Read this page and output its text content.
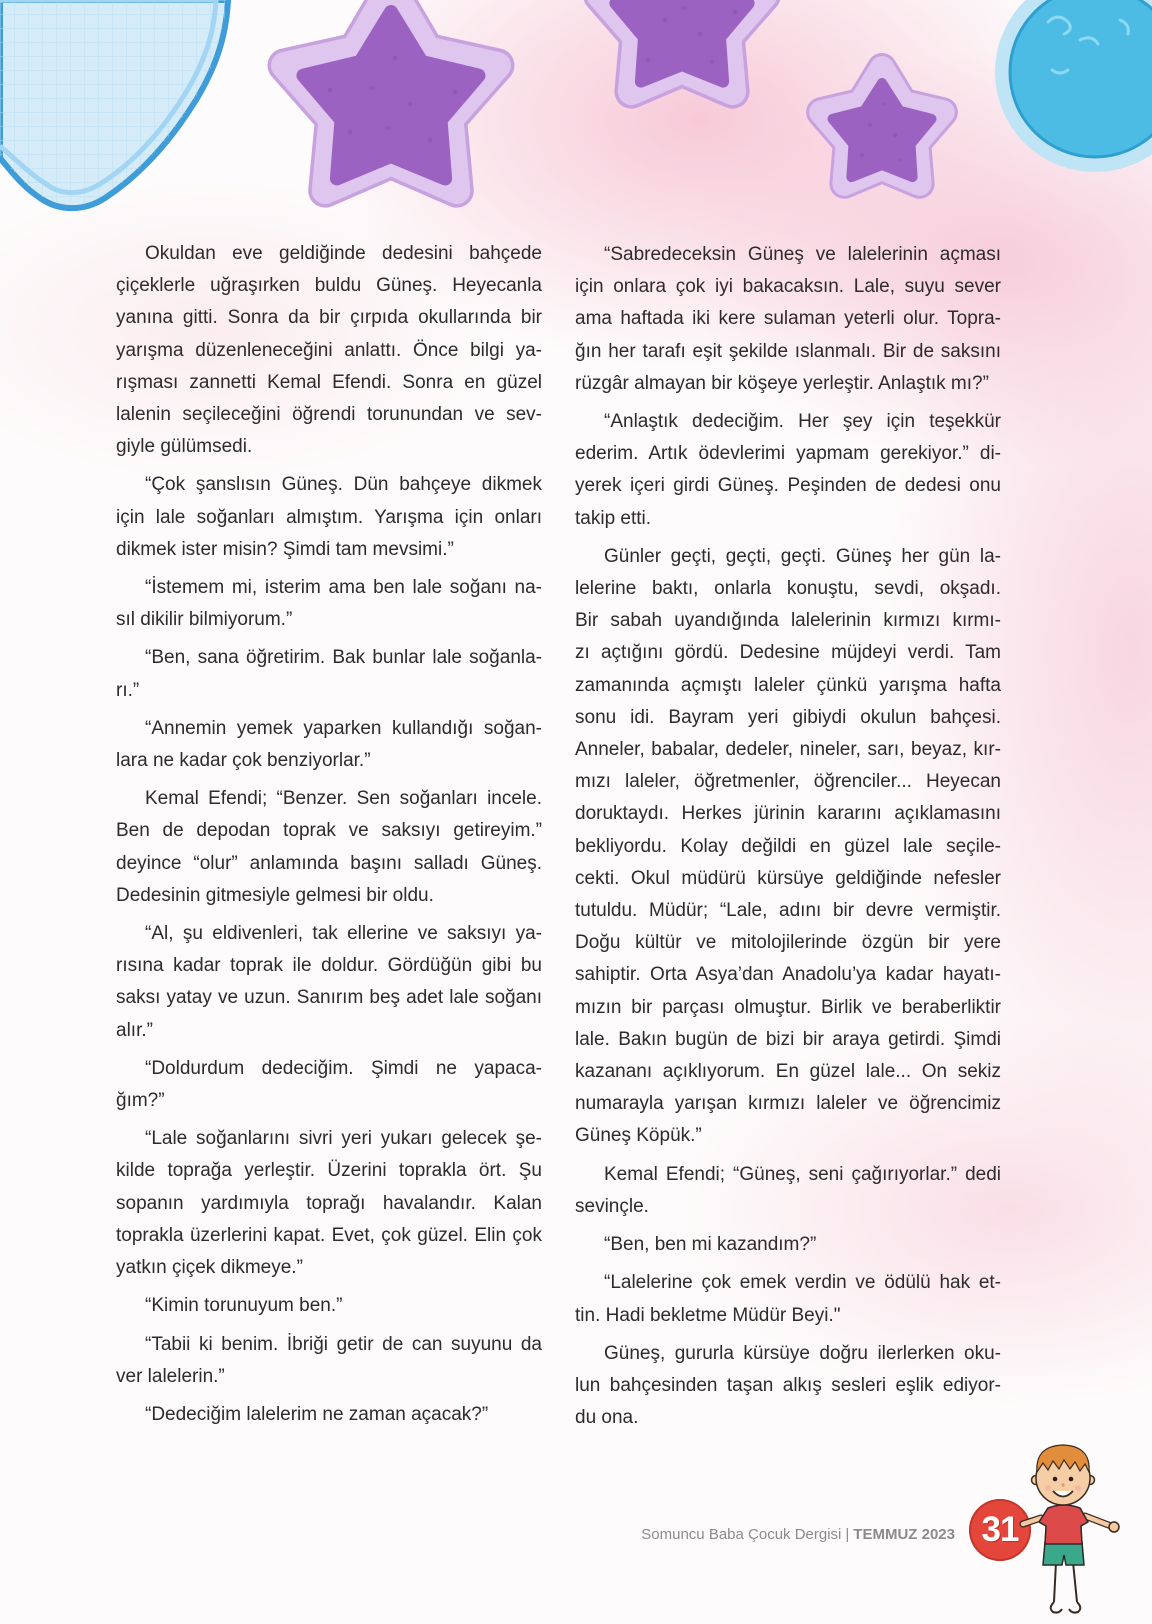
Okuldan eve geldiğinde dedesini bahçede
çiçeklerle uğraşırken buldu Güneş. Heyecanla
yanına gitti. Sonra da bir çırpıda okullarında bir
yarışma düzenleneceğini anlattı. Önce bilgi ya-
rışması zannetti Kemal Efendi. Sonra en güzel
lalenin seçileceğini öğrendi torunundan ve sev-
giyle gülümsedi.

“Çok şanslısın Güneş. Dün bahçeye dikmek
için lale soğanları almıştım. Yarışma için onları
dikmek ister misin? Şimdi tam mevsimi.”

“İstemem mi, isterim ama ben lale soğanı na-
sıl dikilir bilmiyorum.”

“Ben, sana öğretirim. Bak bunlar lale soğanla-
rı.”

“Annemin yemek yaparken kullandığı soğan-
lara ne kadar çok benziyorlar.”

Kemal Efendi; “Benzer. Sen soğanları incele.
Ben de depodan toprak ve saksıyı getireyim.”
deyince “olur” anlamında başını salladı Güneş.
Dedesinin gitmesiyle gelmesi bir oldu.

“Al, şu eldivenleri, tak ellerine ve saksıyı ya-
rısına kadar toprak ile doldur. Gördüğün gibi bu
saksı yatay ve uzun. Sanırım beş adet lale soğanı
alır.”

“Doldurdum dedeciğim. Şimdi ne yapaca-
ğım?”

“Lale soğanlarını sivri yeri yukarı gelecek şe-
kilde toprağa yerleştir. Üzerini toprakla ört. Şu
sopanın yardımıyla toprağı havalandır. Kalan
toprakla üzerlerini kapat. Evet, çok güzel. Elin çok
yatkın çiçek dikmeye.”

“Kimin torunuyum ben.”

“Tabii ki benim. İbriği getir de can suyunu da
ver lalelerin.”

“Dedeciğim lalelerim ne zaman açacak?”

“Sabredeceksin Güneş ve lalelerinin açması
için onlara çok iyi bakacaksın. Lale, suyu sever
ama haftada iki kere sulaman yeterli olur. Topra-
ğın her tarafı eşit şekilde ıslanmalı. Bir de saksını
rüzgâr almayan bir köşeye yerleştir. Anlaştık mı?”

“Anlaştık dedeciğim. Her şey için teşekkür
ederim. Artık ödevlerimi yapmam gerekiyor.” di-
yerek içeri girdi Güneş. Peşinden de dedesi onu
takip etti.

Günler geçti, geçti, geçti. Güneş her gün la-
lelerine baktı, onlarla konuştu, sevdi, okşadı.
Bir sabah uyandığında lalelerinin kırmızı kırmı-
zı açtığını gördü. Dedesine müjdeyi verdi. Tam
zamanında açmıştı laleler çünkü yarışma hafta
sonu idi. Bayram yeri gibiydi okulun bahçesi.
Anneler, babalar, dedeler, nineler, sarı, beyaz, kır-
mızı laleler, öğretmenler, öğrenciler... Heyecan
doruktaydı. Herkes jürinin kararını açıklamasını
bekliyordu. Kolay değildi en güzel lale seçile-
cekti. Okul müdürü kürsüye geldiğinde nefesler
tutuldu. Müdür; “Lale, adını bir devre vermiştir.
Doğu kültür ve mitolojilerinde özgün bir yere
sahiptir. Orta Asya’dan Anadolu’ya kadar hayatı-
mızın bir parçası olmuştur. Birlik ve beraberliktir
lale. Bakın bugün de bizi bir araya getirdi. Şimdi
kazananı açıklıyorum. En güzel lale... On sekiz
numarayla yarışan kırmızı laleler ve öğrencimiz
Güneş Köpük.”

Kemal Efendi; “Güneş, seni çağırıyorlar.” dedi
sevinçle.

“Ben, ben mi kazandım?”

“Lalelerine çok emek verdin ve ödülü hak et-
tin. Hadi bekletme Müdür Beyi."

Güneş, gururla kürsüye doğru ilerlerken oku-
lun bahçesinden taşan alkış sesleri eşlik ediyor-
du ona.

Somuncu Baba Çocuk Dergisi | TEMMUZ 2023 31
